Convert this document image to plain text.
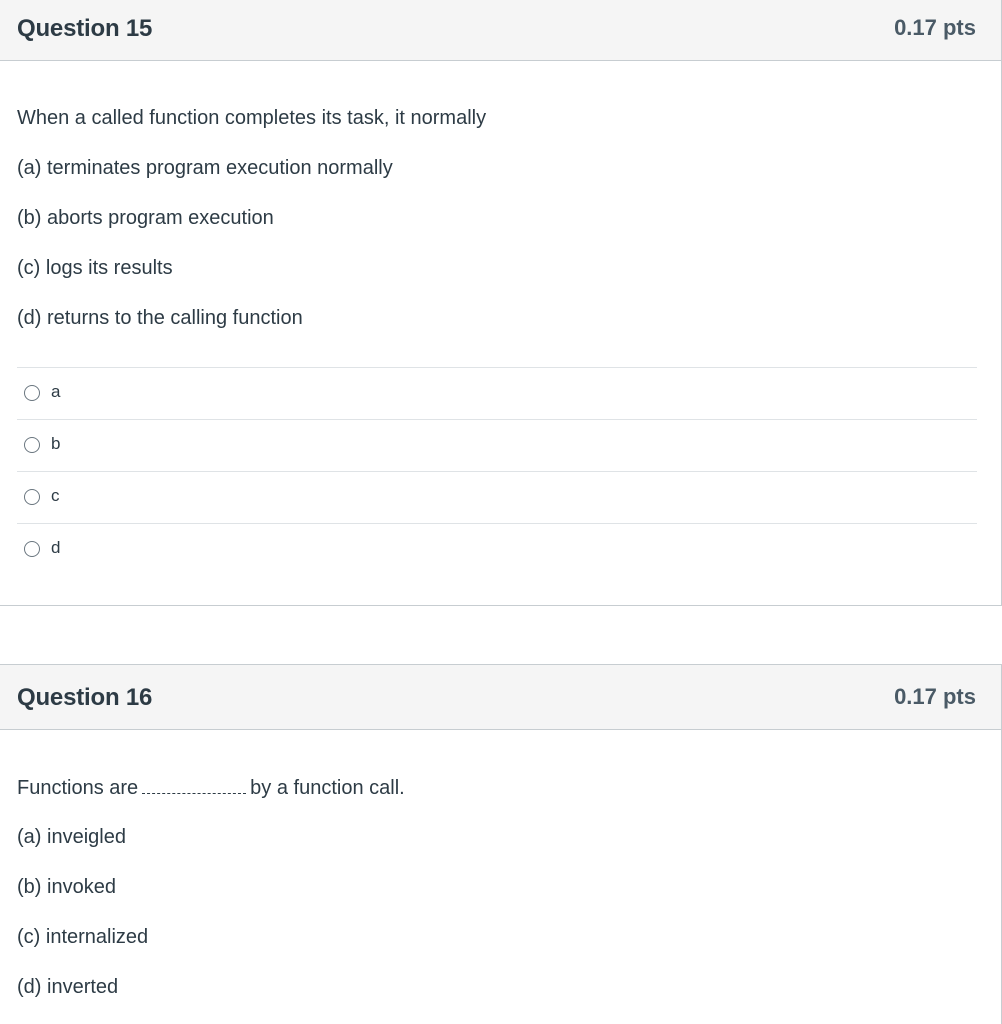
Question 15	0.17 pts
When a called function completes its task, it normally
(a) terminates program execution normally
(b) aborts program execution
(c) logs its results
(d) returns to the calling function
a
b
c
d
Question 16	0.17 pts
Functions are	by a function call.
(a) inveigled
(b) invoked
(c) internalized
(d) inverted
